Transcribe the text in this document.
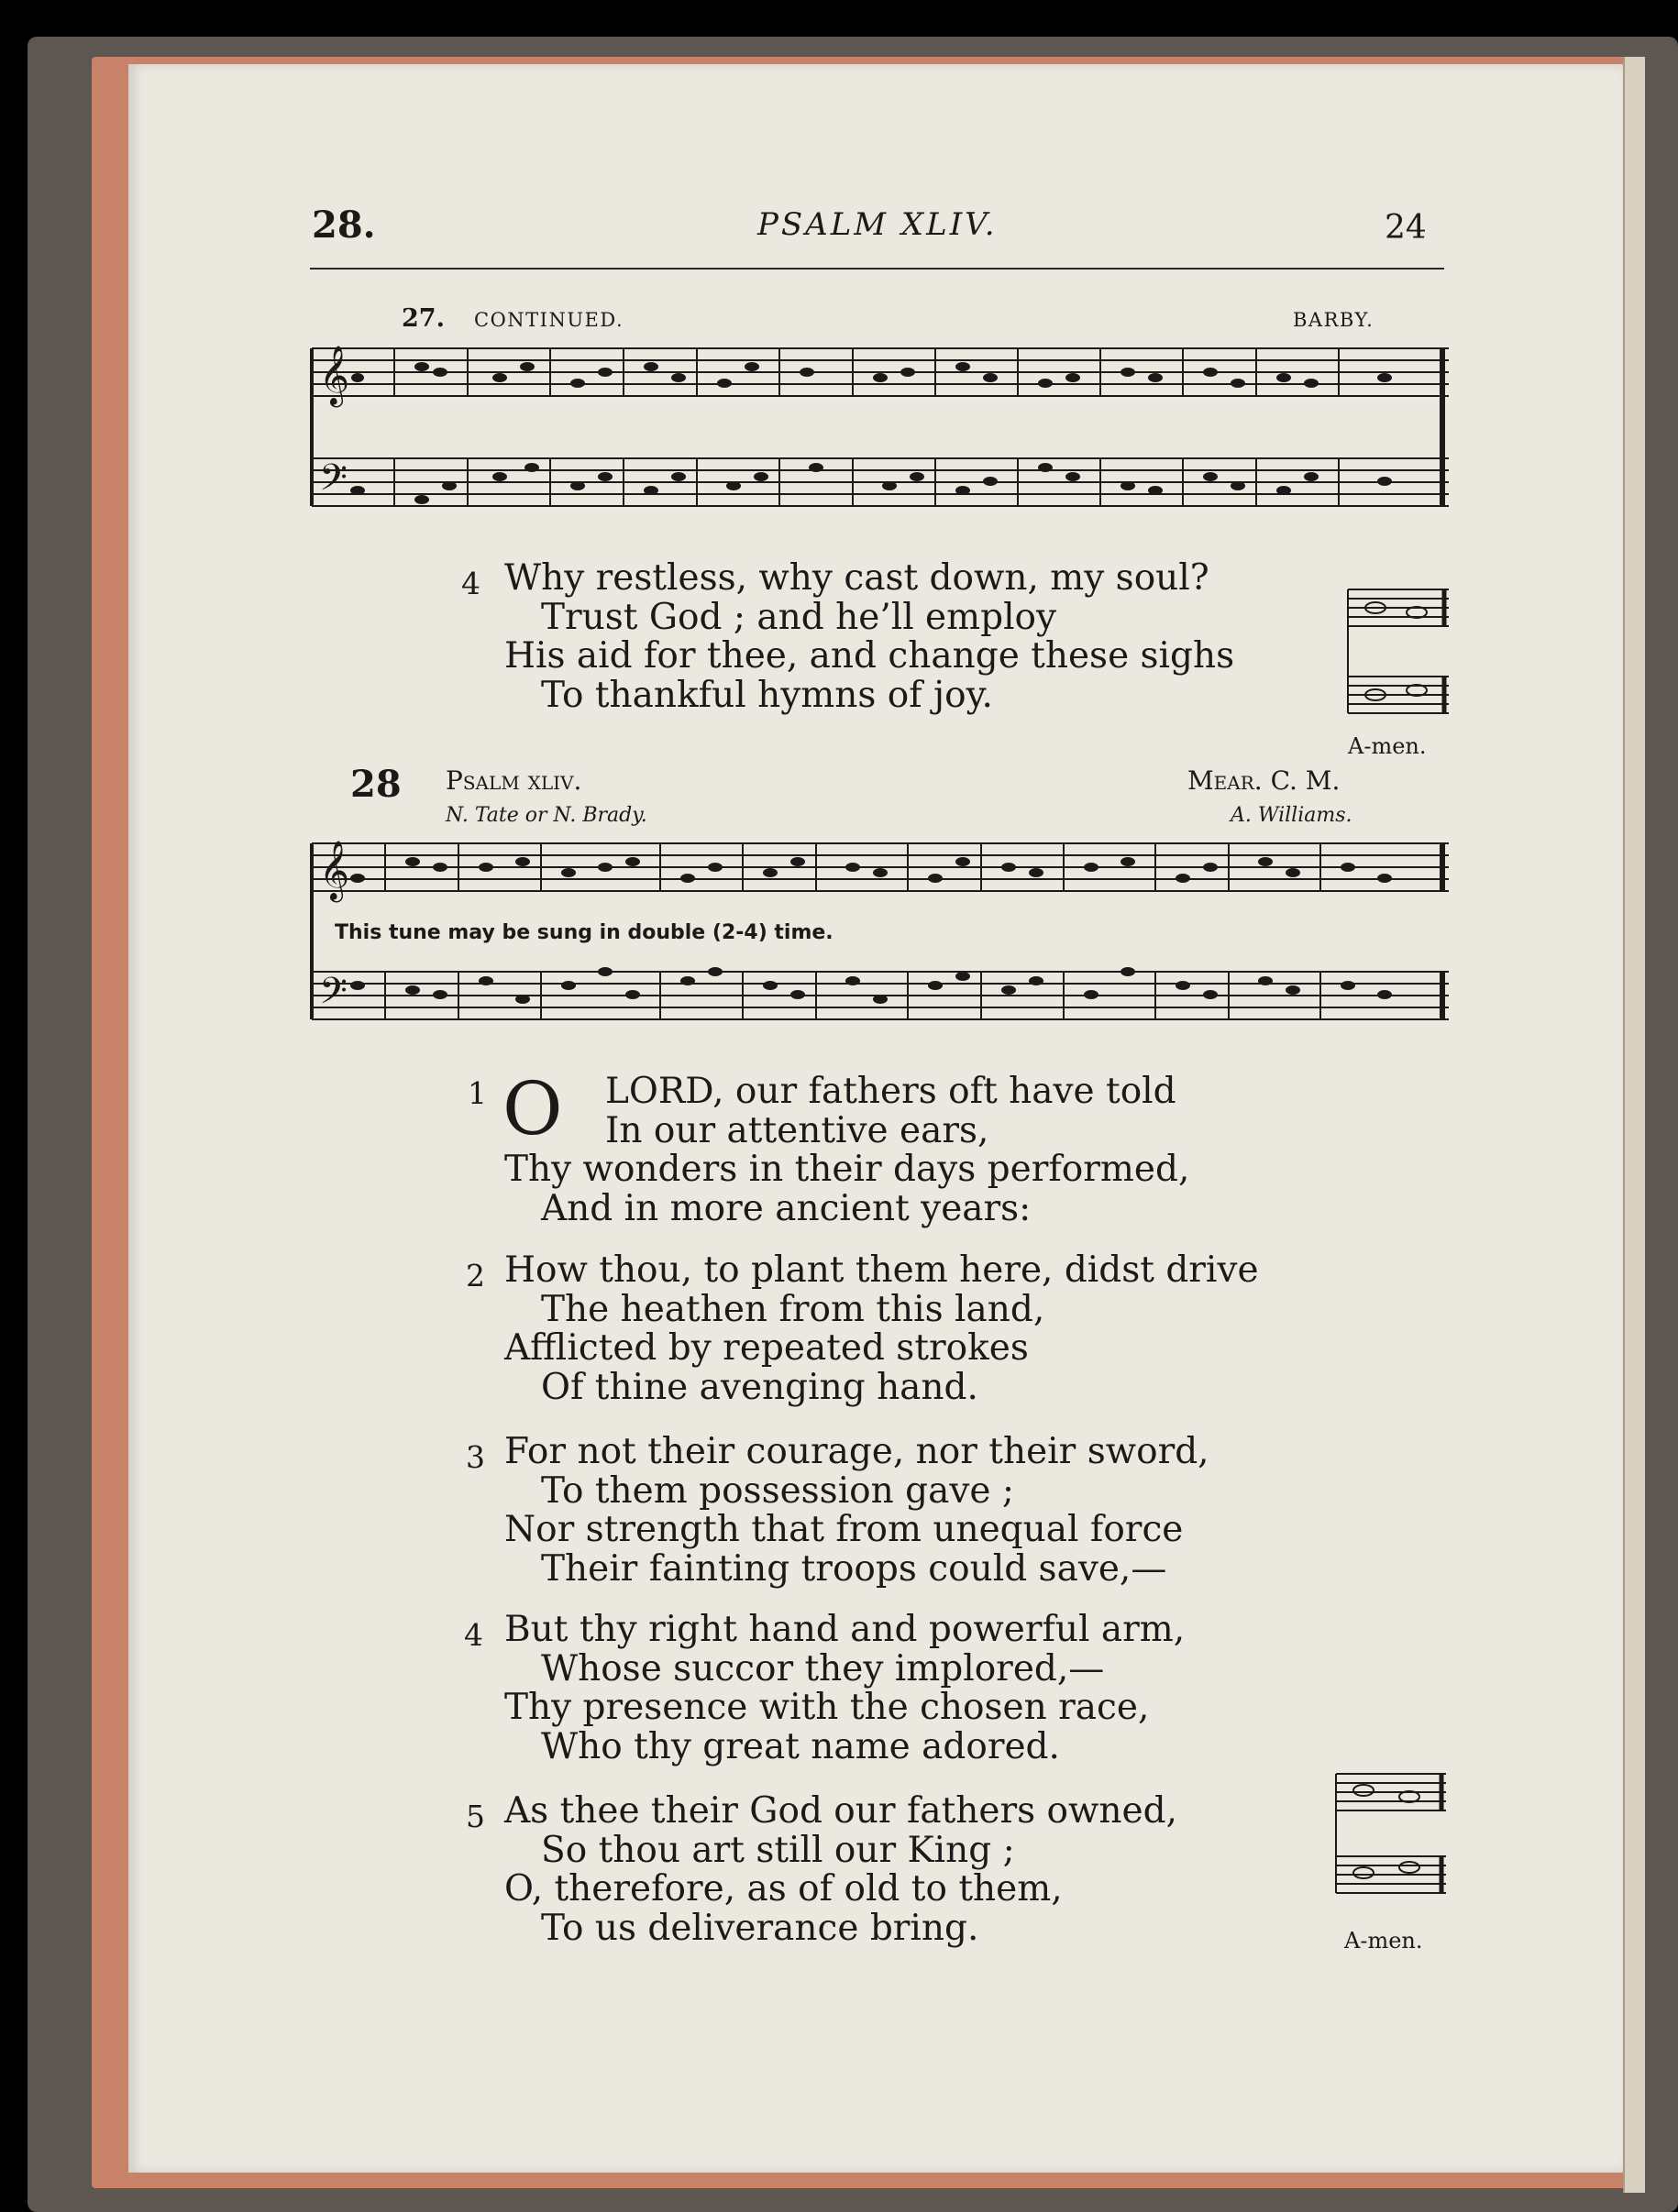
28.	PSALM XLIV.	24
27. CONTINUED.	BARBY.
𝄞
𝄢
4 Why restless, why cast down, my soul?
Trust God ; and he’ll employ
His aid for thee, and change these sighs
To thankful hymns of joy.
A-men.
28 Psalm xliv.	Mear. C. M.
N. Tate or N. Brady.	A. Williams.
𝄞
𝄢
This tune may be sung in double (2-4) time.
1 O	LORD, our fathers oft have told
In our attentive ears,
Thy wonders in their days performed,
And in more ancient years:
2 How thou, to plant them here, didst drive
The heathen from this land,
Afflicted by repeated strokes
Of thine avenging hand.
3 For not their courage, nor their sword,
To them possession gave ;
Nor strength that from unequal force
Their fainting troops could save,—
4 But thy right hand and powerful arm,
Whose succor they implored,—
Thy presence with the chosen race,
Who thy great name adored.
5 As thee their God our fathers owned,
So thou art still our King ;
O, therefore, as of old to them,
To us deliverance bring.	A-men.
